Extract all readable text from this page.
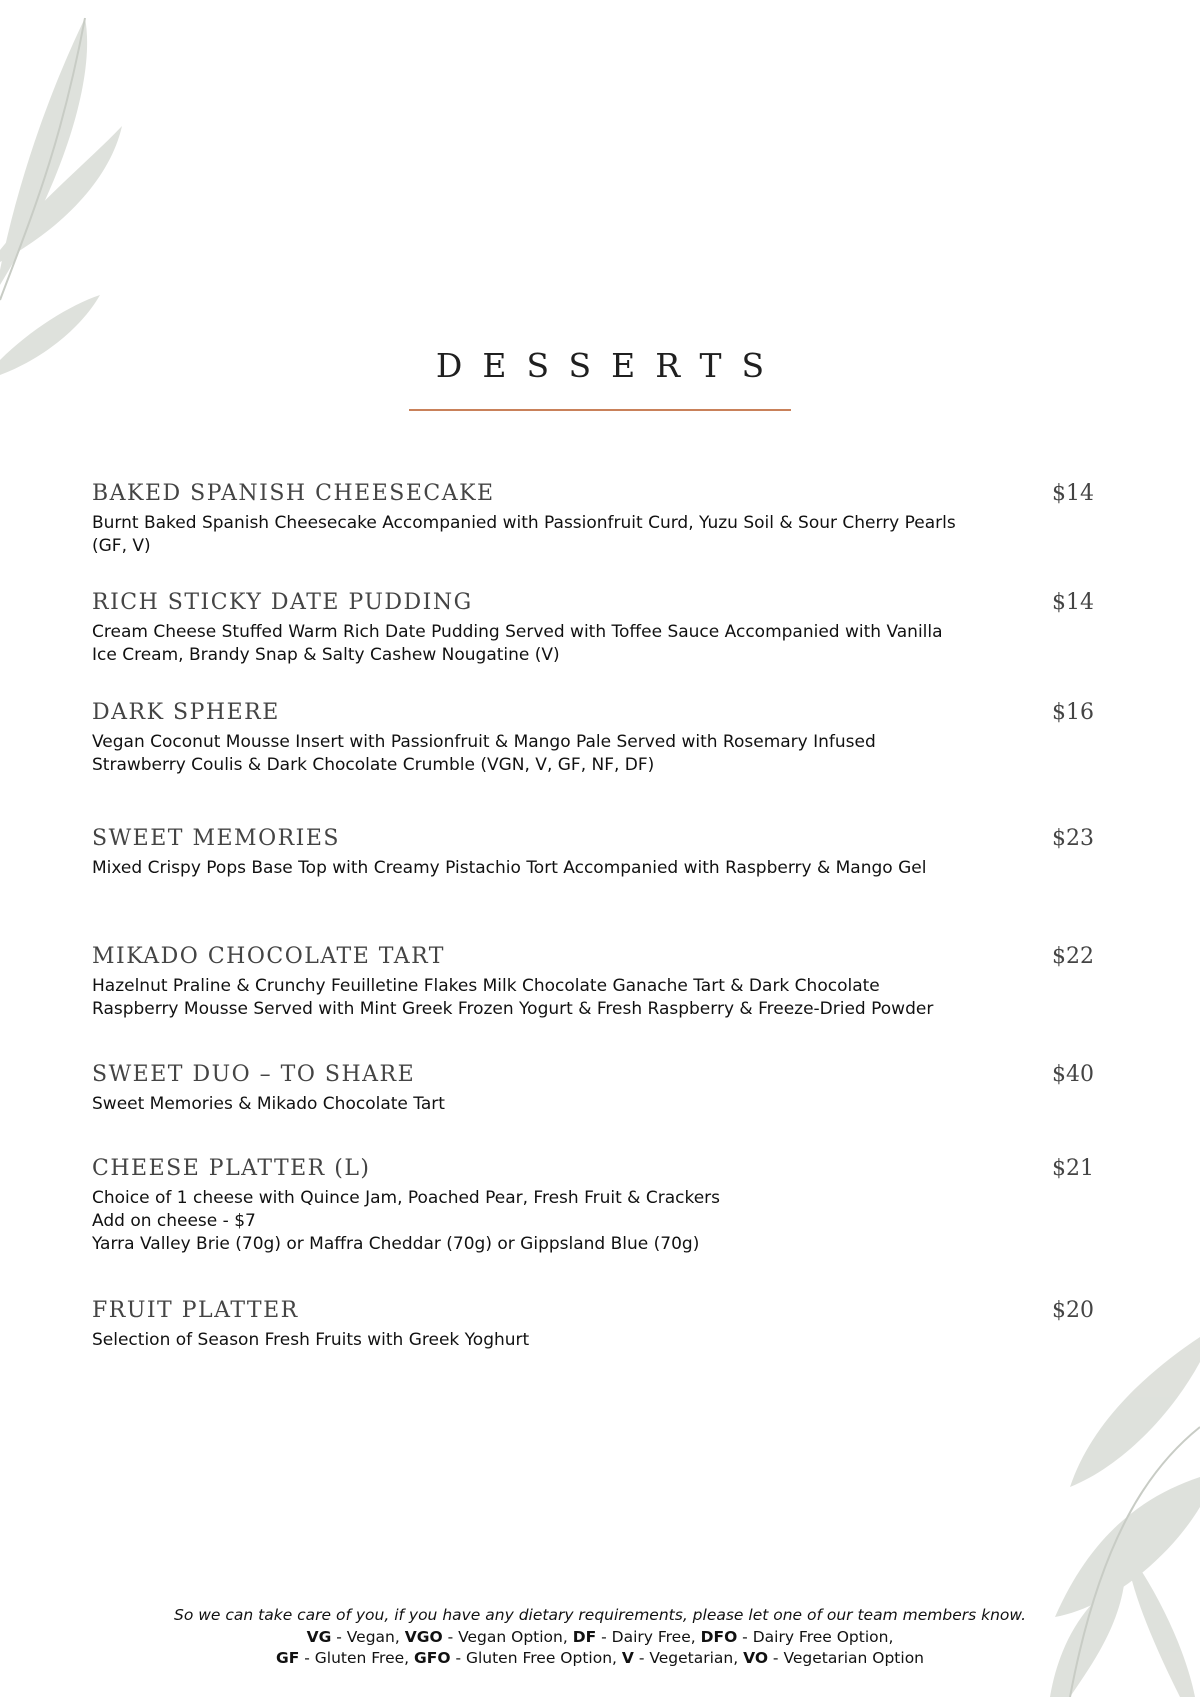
DESSERTS
BAKED SPANISH CHEESECAKE	$14
Burnt Baked Spanish Cheesecake Accompanied with Passionfruit Curd, Yuzu Soil & Sour Cherry Pearls
(GF, V)
RICH STICKY DATE PUDDING	$14
Cream Cheese Stuffed Warm Rich Date Pudding Served with Toffee Sauce Accompanied with Vanilla
Ice Cream, Brandy Snap & Salty Cashew Nougatine (V)
DARK SPHERE	$16
Vegan Coconut Mousse Insert with Passionfruit & Mango Pale Served with Rosemary Infused
Strawberry Coulis & Dark Chocolate Crumble (VGN, V, GF, NF, DF)
SWEET MEMORIES	$23
Mixed Crispy Pops Base Top with Creamy Pistachio Tort Accompanied with Raspberry & Mango Gel
MIKADO CHOCOLATE TART	$22
Hazelnut Praline & Crunchy Feuilletine Flakes Milk Chocolate Ganache Tart & Dark Chocolate
Raspberry Mousse Served with Mint Greek Frozen Yogurt & Fresh Raspberry & Freeze-Dried Powder
SWEET DUO – TO SHARE	$40
Sweet Memories & Mikado Chocolate Tart
CHEESE PLATTER (L)	$21
Choice of 1 cheese with Quince Jam, Poached Pear, Fresh Fruit & Crackers
Add on cheese - $7
Yarra Valley Brie (70g) or Maffra Cheddar (70g) or Gippsland Blue (70g)
FRUIT PLATTER	$20
Selection of Season Fresh Fruits with Greek Yoghurt
So we can take care of you, if you have any dietary requirements, please let one of our team members know.
VG - Vegan, VGO - Vegan Option, DF - Dairy Free, DFO - Dairy Free Option,
GF - Gluten Free, GFO - Gluten Free Option, V - Vegetarian, VO - Vegetarian Option
